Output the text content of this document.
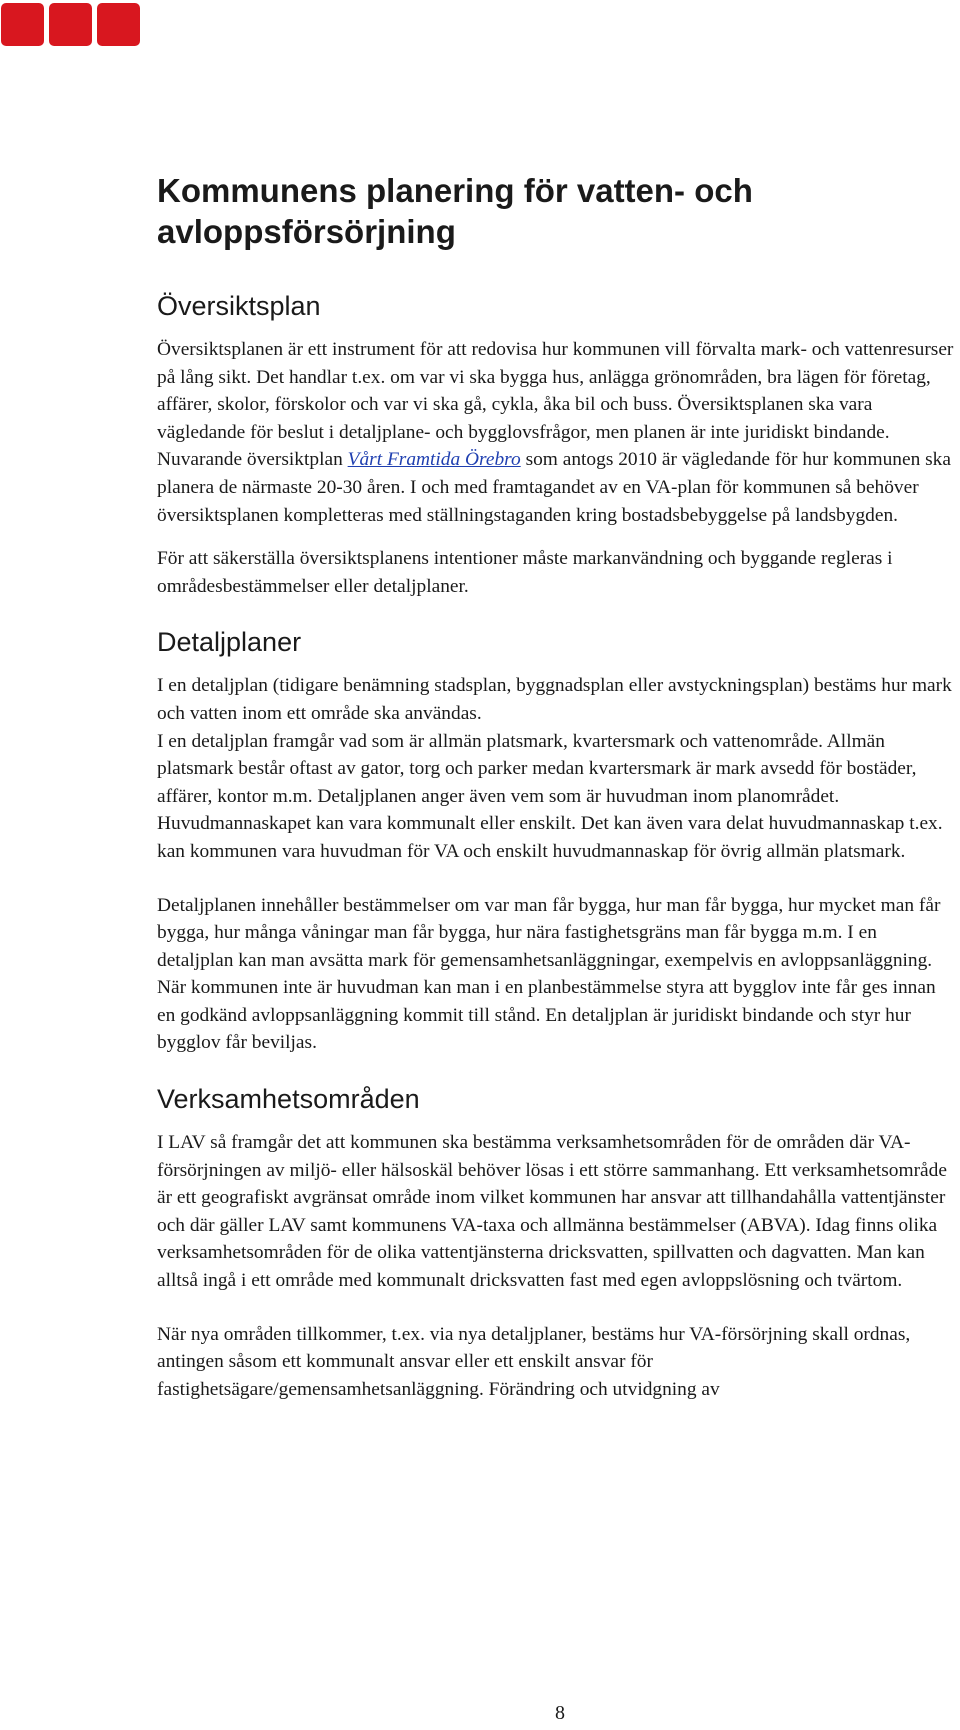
Kommunens planering för vatten- och avloppsförsörjning
Översiktsplan

Översiktsplanen är ett instrument för att redovisa hur kommunen vill förvalta mark- och vattenresurser på lång sikt. Det handlar t.ex. om var vi ska bygga hus, anlägga grönområden, bra lägen för företag, affärer, skolor, förskolor och var vi ska gå, cykla, åka bil och buss. Översiktsplanen ska vara vägledande för beslut i detaljplane- och bygglovsfrågor, men planen är inte juridiskt bindande. Nuvarande översiktplan Vårt Framtida Örebro som antogs 2010 är vägledande för hur kommunen ska planera de närmaste 20-30 åren. I och med framtagandet av en VA-plan för kommunen så behöver översiktsplanen kompletteras med ställningstaganden kring bostadsbebyggelse på landsbygden.

För att säkerställa översiktsplanens intentioner måste markanvändning och byggande regleras i områdesbestämmelser eller detaljplaner.

Detaljplaner

I en detaljplan (tidigare benämning stadsplan, byggnadsplan eller avstyckningsplan) bestäms hur mark och vatten inom ett område ska användas.

I en detaljplan framgår vad som är allmän platsmark, kvartersmark och vattenområde. Allmän platsmark består oftast av gator, torg och parker medan kvartersmark är mark avsedd för bostäder, affärer, kontor m.m. Detaljplanen anger även vem som är huvudman inom planområdet. Huvudmannaskapet kan vara kommunalt eller enskilt. Det kan även vara delat huvudmannaskap t.ex. kan kommunen vara huvudman för VA och enskilt huvudmannaskap för övrig allmän platsmark.

Detaljplanen innehåller bestämmelser om var man får bygga, hur man får bygga, hur mycket man får bygga, hur många våningar man får bygga, hur nära fastighetsgräns man får bygga m.m. I en detaljplan kan man avsätta mark för gemensamhetsanläggningar, exempelvis en avloppsanläggning. När kommunen inte är huvudman kan man i en planbestämmelse styra att bygglov inte får ges innan en godkänd avloppsanläggning kommit till stånd. En detaljplan är juridiskt bindande och styr hur bygglov får beviljas.

Verksamhetsområden

I LAV så framgår det att kommunen ska bestämma verksamhetsområden för de områden där VA-försörjningen av miljö- eller hälsoskäl behöver lösas i ett större sammanhang. Ett verksamhetsområde är ett geografiskt avgränsat område inom vilket kommunen har ansvar att tillhandahålla vattentjänster och där gäller LAV samt kommunens VA-taxa och allmänna bestämmelser (ABVA). Idag finns olika verksamhetsområden för de olika vattentjänsterna dricksvatten, spillvatten och dagvatten. Man kan alltså ingå i ett område med kommunalt dricksvatten fast med egen avloppslösning och tvärtom.

När nya områden tillkommer, t.ex. via nya detaljplaner, bestäms hur VA-försörjning skall ordnas, antingen såsom ett kommunalt ansvar eller ett enskilt ansvar för fastighetsägare/gemensamhetsanläggning. Förändring och utvidgning av

8
